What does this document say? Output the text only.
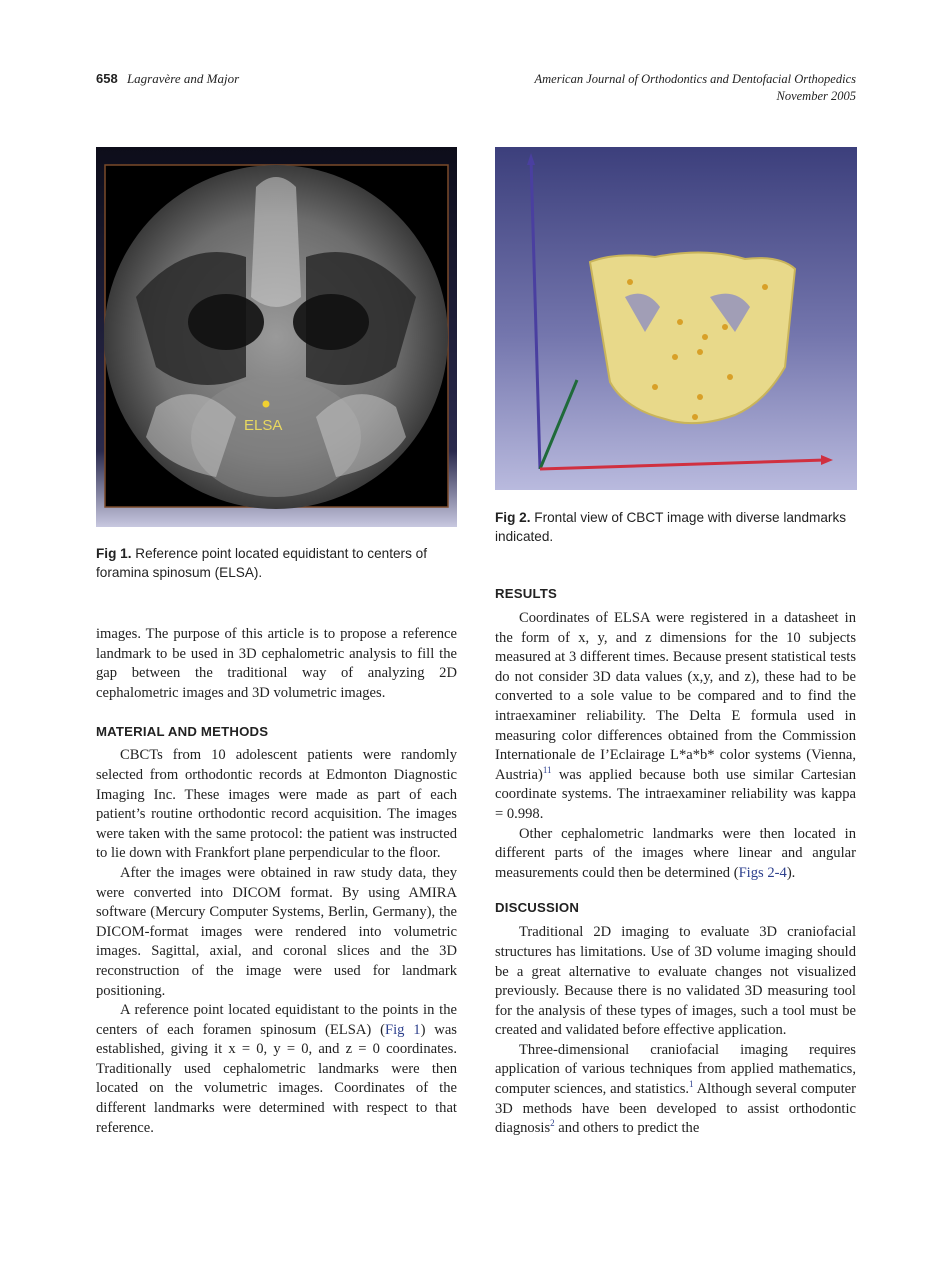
658 Lagravère and Major	American Journal of Orthodontics and Dentofacial Orthopedics
November 2005
ELSA

Fig 1. Reference point located equidistant to centers of foramina spinosum (ELSA).

Fig 2. Frontal view of CBCT image with diverse landmarks indicated.

images. The purpose of this article is to propose a reference landmark to be used in 3D cephalometric analysis to fill the gap between the traditional way of analyzing 2D cephalometric images and 3D volumetric images.

MATERIAL AND METHODS

CBCTs from 10 adolescent patients were randomly selected from orthodontic records at Edmonton Diagnostic Imaging Inc. These images were made as part of each patient’s routine orthodontic record acquisition. The images were taken with the same protocol: the patient was instructed to lie down with Frankfort plane perpendicular to the floor.

After the images were obtained in raw study data, they were converted into DICOM format. By using AMIRA software (Mercury Computer Systems, Berlin, Germany), the DICOM-format images were rendered into volumetric images. Sagittal, axial, and coronal slices and the 3D reconstruction of the image were used for landmark positioning.

A reference point located equidistant to the points in the centers of each foramen spinosum (ELSA) (Fig 1) was established, giving it x = 0, y = 0, and z = 0 coordinates. Traditionally used cephalometric landmarks were then located on the volumetric images. Coordinates of the different landmarks were determined with respect to that reference.

RESULTS

Coordinates of ELSA were registered in a datasheet in the form of x, y, and z dimensions for the 10 subjects measured at 3 different times. Because present statistical tests do not consider 3D data values (x,y, and z), these had to be converted to a sole value to be compared and to find the intraexaminer reliability. The Delta E formula used in measuring color differences obtained from the Commission Internationale de I’Eclairage L*a*b* color systems (Vienna, Austria)$^{11}$ was applied because both use similar Cartesian coordinate systems. The intraexaminer reliability was kappa = 0.998.

Other cephalometric landmarks were then located in different parts of the images where linear and angular measurements could then be determined (Figs 2-4).

DISCUSSION

Traditional 2D imaging to evaluate 3D craniofacial structures has limitations. Use of 3D volume imaging should be a great alternative to evaluate changes not visualized previously. Because there is no validated 3D measuring tool for the analysis of these types of images, such a tool must be created and validated before effective application.

Three-dimensional craniofacial imaging requires application of various techniques from applied mathematics, computer sciences, and statistics.$^1$ Although several computer 3D methods have been developed to assist orthodontic diagnosis$^2$ and others to predict the
